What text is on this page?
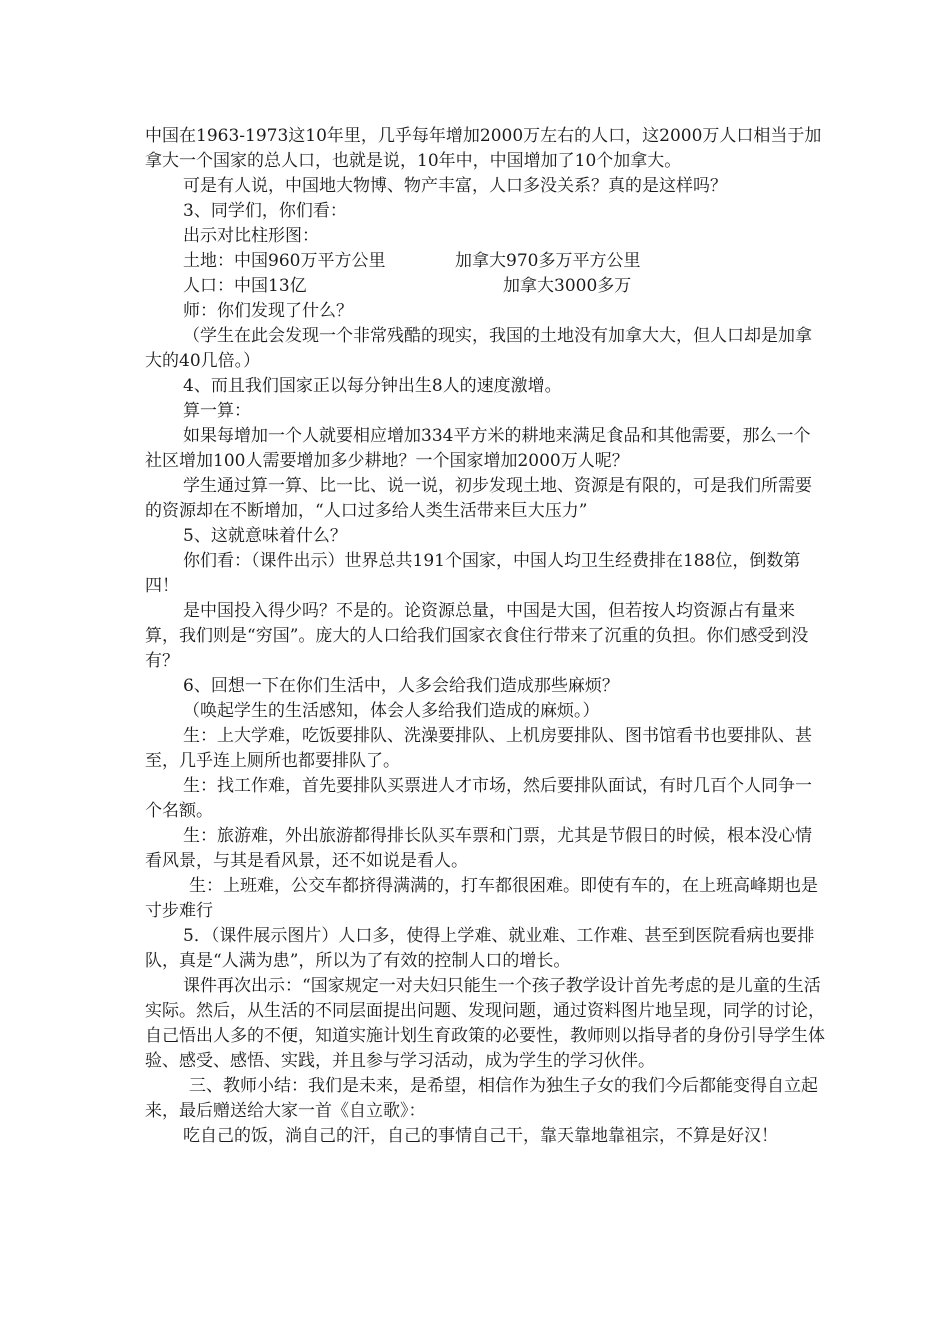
中国在1963-1973这10年里，几乎每年增加2000万左右的人口，这2000万人口相当于加拿大一个国家的总人口，也就是说，10年中，中国增加了10个加拿大。

可是有人说，中国地大物博、物产丰富，人口多没关系？真的是这样吗？

3、同学们，你们看：

出示对比柱形图：

土地：中国960万平方公里	加拿大970多万平方公里
人口：中国13亿	加拿大3000多万

师：你们发现了什么？

（学生在此会发现一个非常残酷的现实，我国的土地没有加拿大大，但人口却是加拿大的40几倍。）

4、而且我们国家正以每分钟出生8人的速度激增。

算一算：

如果每增加一个人就要相应增加334平方米的耕地来满足食品和其他需要，那么一个社区增加100人需要增加多少耕地？一个国家增加2000万人呢？

学生通过算一算、比一比、说一说，初步发现土地、资源是有限的，可是我们所需要的资源却在不断增加，“人口过多给人类生活带来巨大压力”

5、这就意味着什么？

你们看：（课件出示）世界总共191个国家，中国人均卫生经费排在188位，倒数第四！

是中国投入得少吗？不是的。论资源总量，中国是大国，但若按人均资源占有量来算，我们则是“穷国”。庞大的人口给我们国家衣食住行带来了沉重的负担。你们感受到没有？

6、回想一下在你们生活中，人多会给我们造成那些麻烦？

（唤起学生的生活感知，体会人多给我们造成的麻烦。）

生：上大学难，吃饭要排队、洗澡要排队、上机房要排队、图书馆看书也要排队、甚至，几乎连上厕所也都要排队了。

生：找工作难，首先要排队买票进人才市场，然后要排队面试，有时几百个人同争一个名额。

生：旅游难，外出旅游都得排长队买车票和门票，尤其是节假日的时候，根本没心情看风景，与其是看风景，还不如说是看人。

生：上班难，公交车都挤得满满的，打车都很困难。即使有车的，在上班高峰期也是寸步难行

5．（课件展示图片）人口多，使得上学难、就业难、工作难、甚至到医院看病也要排队，真是“人满为患”，所以为了有效的控制人口的增长。

课件再次出示：“国家规定一对夫妇只能生一个孩子教学设计首先考虑的是儿童的生活实际。然后，从生活的不同层面提出问题、发现问题，通过资料图片地呈现，同学的讨论，自己悟出人多的不便，知道实施计划生育政策的必要性，教师则以指导者的身份引导学生体验、感受、感悟、实践，并且参与学习活动，成为学生的学习伙伴。

三、教师小结：我们是未来，是希望，相信作为独生子女的我们今后都能变得自立起来，最后赠送给大家一首《自立歌》：

吃自己的饭，淌自己的汗，自己的事情自己干，靠天靠地靠祖宗，不算是好汉！
